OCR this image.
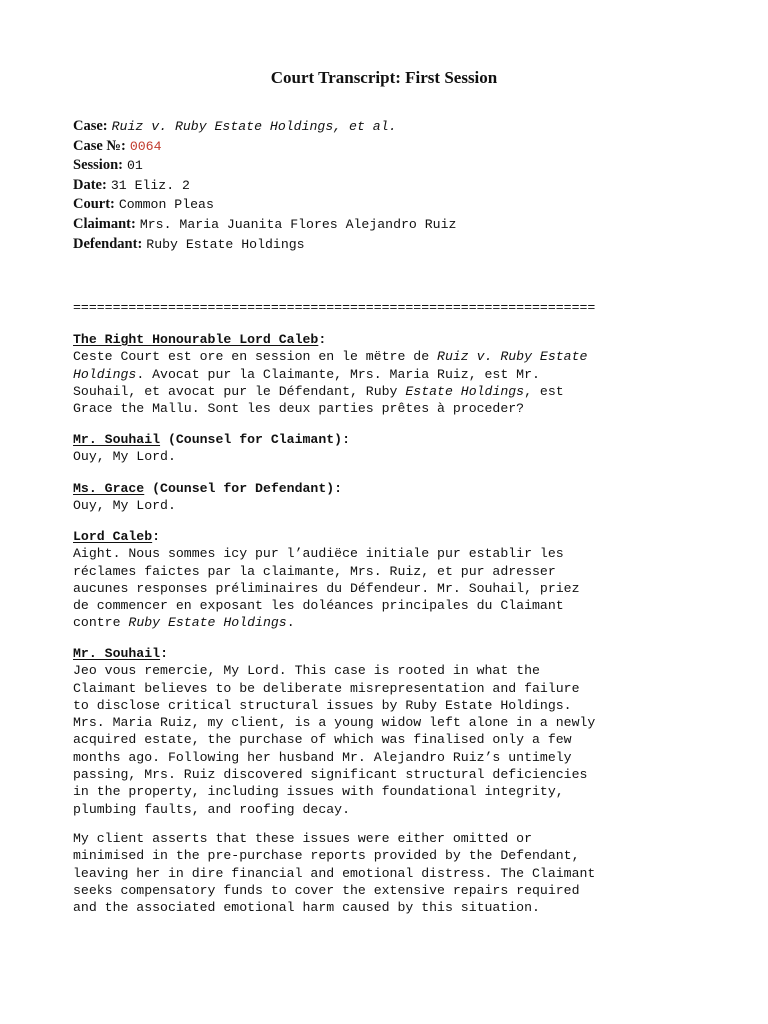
Court Transcript: First Session
Case: Ruiz v. Ruby Estate Holdings, et al.
Case №: 0064
Session: 01
Date: 31 Eliz. 2
Court: Common Pleas
Claimant: Mrs. Maria Juanita Flores Alejandro Ruiz
Defendant: Ruby Estate Holdings
==================================================================
The Right Honourable Lord Caleb:

Ceste Court est ore en session en le mëtre de Ruiz v. Ruby Estate

Holdings. Avocat pur la Claimante, Mrs. Maria Ruiz, est Mr.

Souhail, et avocat pur le Défendant, Ruby Estate Holdings, est

Grace the Mallu. Sont les deux parties prêtes à proceder?

Mr. Souhail (Counsel for Claimant):

Ouy, My Lord.

Ms. Grace (Counsel for Defendant):

Ouy, My Lord.

Lord Caleb:

Aight. Nous sommes icy pur l’audiëce initiale pur establir les

réclames faictes par la claimante, Mrs. Ruiz, et pur adresser

aucunes responses préliminaires du Défendeur. Mr. Souhail, priez

de commencer en exposant les doléances principales du Claimant

contre Ruby Estate Holdings.

Mr. Souhail:

Jeo vous remercie, My Lord. This case is rooted in what the

Claimant believes to be deliberate misrepresentation and failure

to disclose critical structural issues by Ruby Estate Holdings.

Mrs. Maria Ruiz, my client, is a young widow left alone in a newly

acquired estate, the purchase of which was finalised only a few

months ago. Following her husband Mr. Alejandro Ruiz’s untimely

passing, Mrs. Ruiz discovered significant structural deficiencies

in the property, including issues with foundational integrity,

plumbing faults, and roofing decay.

My client asserts that these issues were either omitted or

minimised in the pre-purchase reports provided by the Defendant,

leaving her in dire financial and emotional distress. The Claimant

seeks compensatory funds to cover the extensive repairs required

and the associated emotional harm caused by this situation.
